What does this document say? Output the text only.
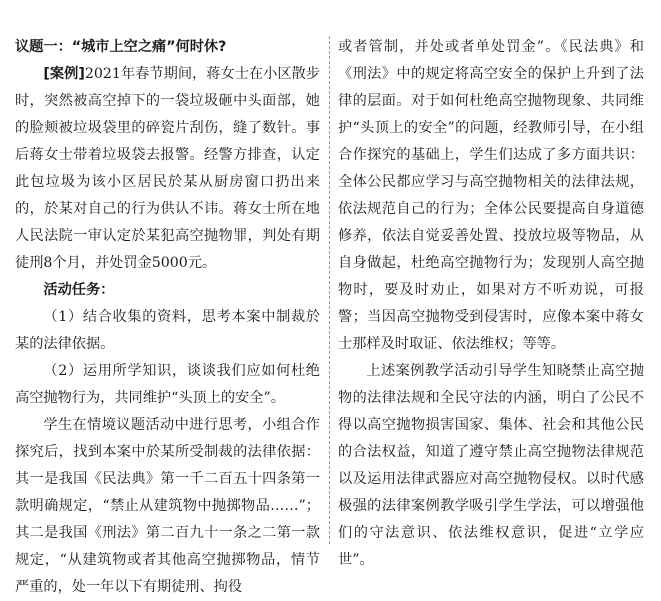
议题一：“城市上空之痛”何时休?

[案例]2021年春节期间，蒋女士在小区散步时，突然被高空掉下的一袋垃圾砸中头面部，她的脸颊被垃圾袋里的碎瓷片刮伤，缝了数针。事后蒋女士带着垃圾袋去报警。经警方排查，认定此包垃圾为该小区居民於某从厨房窗口扔出来的，於某对自己的行为供认不讳。蒋女士所在地人民法院一审认定於某犯高空抛物罪，判处有期徒刑8个月，并处罚金5000元。

活动任务：

（1）结合收集的资料，思考本案中制裁於某的法律依据。

（2）运用所学知识，谈谈我们应如何杜绝高空抛物行为，共同维护“头顶上的安全”。

学生在情境议题活动中进行思考，小组合作探究后，找到本案中於某所受制裁的法律依据：其一是我国《民法典》第一千二百五十四条第一款明确规定，“禁止从建筑物中抛掷物品……”；其二是我国《刑法》第二百九十一条之二第一款规定，“从建筑物或者其他高空抛掷物品，情节严重的，处一年以下有期徒刑、拘役

或者管制，并处或者单处罚金”。《民法典》和《刑法》中的规定将高空安全的保护上升到了法律的层面。对于如何杜绝高空抛物现象、共同维护“头顶上的安全”的问题，经教师引导，在小组合作探究的基础上，学生们达成了多方面共识：全体公民都应学习与高空抛物相关的法律法规，依法规范自己的行为；全体公民要提高自身道德修养，依法自觉妥善处置、投放垃圾等物品，从自身做起，杜绝高空抛物行为；发现别人高空抛物时，要及时劝止，如果对方不听劝说，可报警；当因高空抛物受到侵害时，应像本案中蒋女士那样及时取证、依法维权；等等。

上述案例教学活动引导学生知晓禁止高空抛物的法律法规和全民守法的内涵，明白了公民不得以高空抛物损害国家、集体、社会和其他公民的合法权益，知道了遵守禁止高空抛物法律规范以及运用法律武器应对高空抛物侵权。以时代感极强的法律案例教学吸引学生学法，可以增强他们的守法意识、依法维权意识，促进“立学应世”。
